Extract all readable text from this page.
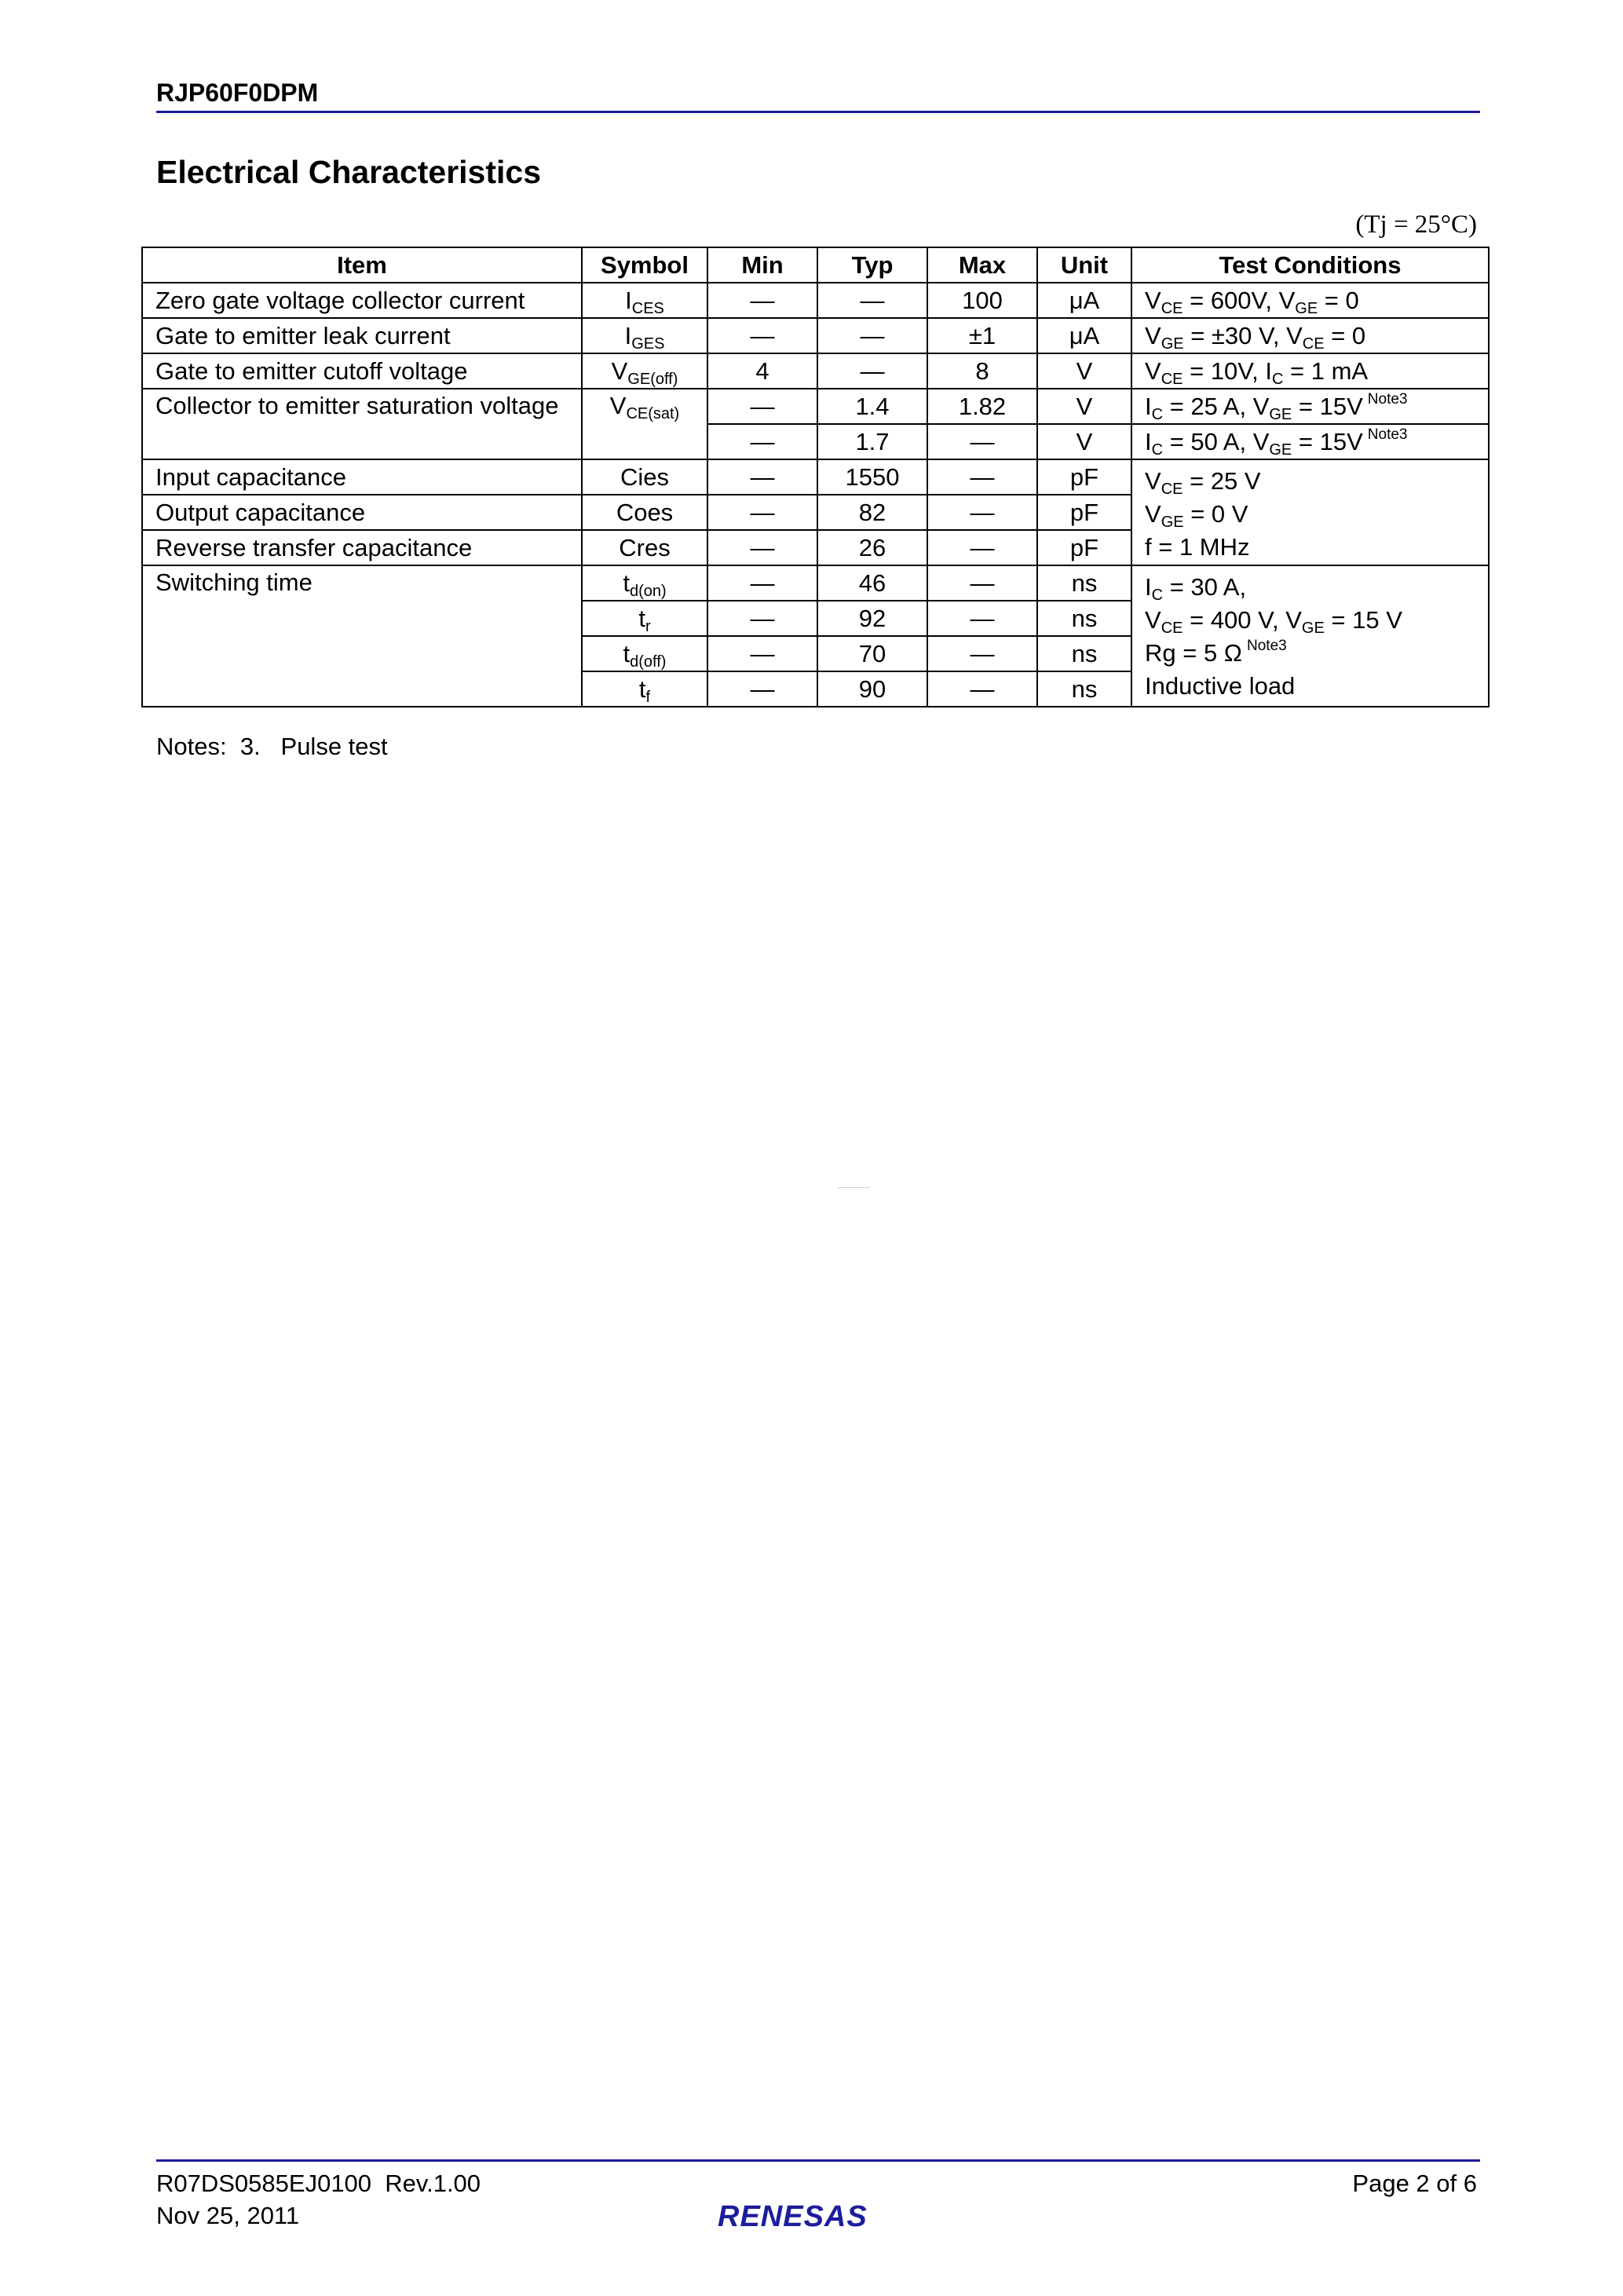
RJP60F0DPM
Electrical Characteristics
(Tj = 25°C)
Item	Symbol	Min	Typ	Max	Unit	Test Conditions
Zero gate voltage collector current	$I_{CES}$	—	—	100	μA	$V_{CE} = 600V$, $V_{GE} = 0$
Gate to emitter leak current	$I_{GES}$	—	—	±1	μA	$V_{GE} = \pm 30$ V, $V_{CE} = 0$
Gate to emitter cutoff voltage	$V_{GE(off)}$	4	—	8	V	$V_{CE} = 10V$, $I_C = 1$ mA
Collector to emitter saturation voltage	$V_{CE(sat)}$	—	1.4	1.82	V	$I_C = 25$ A, $V_{GE} = 15V$ $^{Note3}$
		—	1.7	—	V	$I_C = 50$ A, $V_{GE} = 15V$ $^{Note3}$
Input capacitance	Cies	—	1550	—	pF	$V_{CE} = 25$ V
$V_{GE} = 0$ V
f = 1 MHz

Output capacitance	Coes	—	82	—	pF	
Reverse transfer capacitance	Cres	—	26	—	pF	
Switching time	$t_{d(on)}$	—	46	—	ns	$I_C = 30$ A,
$V_{CE} = 400$ V, $V_{GE} = 15$ V
Rg = 5 Ω $^{Note3}$
Inductive load

	$t_r$	—	92	—	ns	
	$t_{d(off)}$	—	70	—	ns	
	$t_f$	—	90	—	ns	
Notes:  3.   Pulse test
R07DS0585EJ0100  Rev.1.00
Nov 25, 2011
Page 2 of 6
RENESAS
